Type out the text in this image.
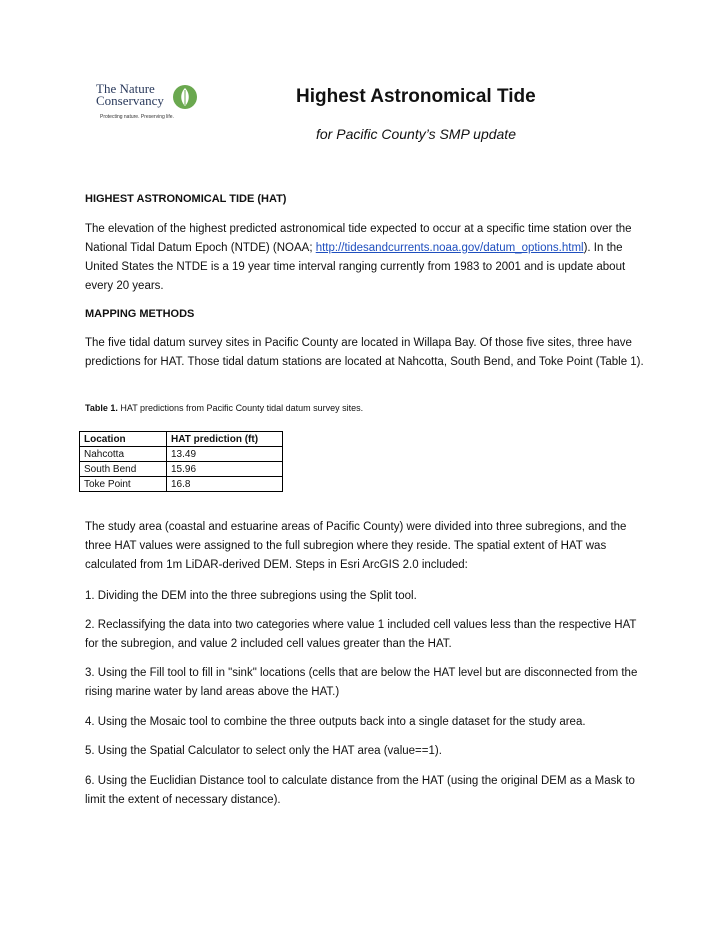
The Nature
Conservancy
Protecting nature. Preserving life.
Highest Astronomical Tide
for Pacific County’s SMP update
HIGHEST ASTRONOMICAL TIDE (HAT)
The elevation of the highest predicted astronomical tide expected to occur at a specific time station over the National Tidal Datum Epoch (NTDE) (NOAA; http://tidesandcurrents.noaa.gov/datum_options.html). In the United States the NTDE is a 19 year time interval ranging currently from 1983 to 2001 and is update about every 20 years.
MAPPING METHODS
The five tidal datum survey sites in Pacific County are located in Willapa Bay. Of those five sites, three have predictions for HAT. Those tidal datum stations are located at Nahcotta, South Bend, and Toke Point (Table 1).
Table 1. HAT predictions from Pacific County tidal datum survey sites.
Location	HAT prediction (ft)
Nahcotta	13.49
South Bend	15.96
Toke Point	16.8
The study area (coastal and estuarine areas of Pacific County) were divided into three subregions, and the three HAT values were assigned to the full subregion where they reside. The spatial extent of HAT was calculated from 1m LiDAR-derived DEM. Steps in Esri ArcGIS 2.0 included:
1. Dividing the DEM into the three subregions using the Split tool.
2. Reclassifying the data into two categories where value 1 included cell values less than the respective HAT for the subregion, and value 2 included cell values greater than the HAT.
3. Using the Fill tool to fill in "sink" locations (cells that are below the HAT level but are disconnected from the rising marine water by land areas above the HAT.)
4. Using the Mosaic tool to combine the three outputs back into a single dataset for the study area.
5. Using the Spatial Calculator to select only the HAT area (value==1).
6. Using the Euclidian Distance tool to calculate distance from the HAT (using the original DEM as a Mask to limit the extent of necessary distance).
